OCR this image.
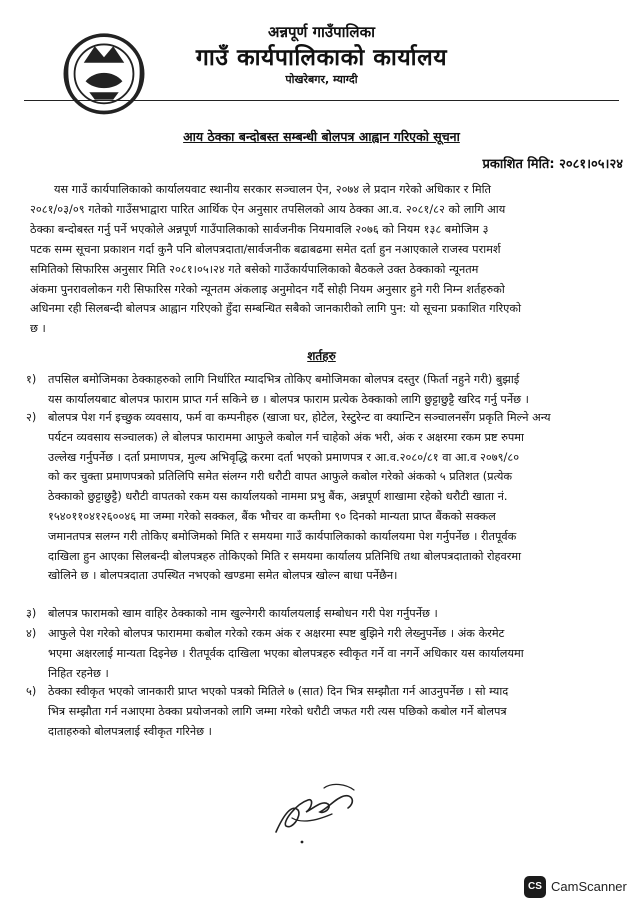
अन्नपूर्ण गाउँपालिका
गाउँ कार्यपालिकाको कार्यालय
पोखरेबगर, म्याग्दी
आय ठेक्का बन्दोबस्त सम्बन्धी बोलपत्र आह्वान गरिएको सूचना
प्रकाशित मिति: २०८१।०५।२४
यस गाउँ कार्यपालिकाको कार्यालयवाट स्थानीय सरकार सञ्चालन ऐन, २०७४ ले प्रदान गरेको अधिकार र मिति
२०८१/०३/०९ गतेको गाउँसभाद्वारा पारित आर्थिक ऐन अनुसार तपसिलको आय ठेक्का आ.व. २०८१/८२ को लागि आय
ठेक्का बन्दोबस्त गर्नु पर्ने भएकोले अन्नपूर्ण गाउँपालिकाको सार्वजनीक नियमावलि २०७६ को नियम १३८ बमोजिम ३
पटक सम्म सूचना प्रकाशन गर्दा कुनै पनि बोलपत्रदाता/सार्वजनीक बढाबढमा समेत दर्ता हुन नआएकाले राजस्व परामर्श
समितिको सिफारिस अनुसार मिति २०८१।०५।२४ गते बसेको गाउँकार्यपालिकाको बैठकले उक्त ठेक्काको न्यूनतम
अंकमा पुनरावलोकन गरी सिफारिस गरेको न्यूनतम अंकलाइ अनुमोदन गर्दै सोही नियम अनुसार हुने गरी निम्न शर्तहरुको
अधिनमा रही सिलबन्दी बोलपत्र आह्वान गरिएको हुँदा सम्बन्धित सबैको जानकारीको लागि पुन: यो सूचना प्रकाशित गरिएको
छ ।
शर्तहरु
१)	तपसिल बमोजिमका ठेक्काहरुको लागि निर्धारित म्यादभित्र तोकिए बमोजिमका बोलपत्र दस्तुर (फिर्ता नहुने गरी) बुझाई
यस कार्यालयबाट बोलपत्र फाराम प्राप्त गर्न सकिने छ । बोलपत्र फाराम प्रत्येक ठेक्काको लागि छुट्टाछुट्टै खरिद गर्नु पर्नेछ ।
२)	बोलपत्र पेश गर्न इच्छुक व्यवसाय, फर्म वा कम्पनीहरु (खाजा घर, होटेल, रेस्टुरेन्ट वा क्यान्टिन सञ्चालनसँग प्रकृति मिल्ने अन्य
पर्यटन व्यवसाय सञ्चालक) ले बोलपत्र फाराममा आफुले कबोल गर्न चाहेको अंक भरी, अंक र अक्षरमा रकम प्रष्ट रुपमा
उल्लेख गर्नुपर्नेछ । दर्ता प्रमाणपत्र, मुल्य अभिवृद्धि करमा दर्ता भएको प्रमाणपत्र र आ.व.२०८०/८१ वा आ.व २०७९/८०
को कर चुक्ता प्रमाणपत्रको प्रतिलिपि समेत संलग्न गरी धरौटी वापत आफुले कबोल गरेको अंकको ५ प्रतिशत (प्रत्येक
ठेक्काको छुट्टाछुट्टै) धरौटी वापतको रकम यस कार्यालयको नाममा प्रभु बैंक, अन्नपूर्ण शाखामा रहेको धरौटी खाता नं.
१५४०११०४१२६००४६ मा जम्मा गरेको सक्कल, बैंक भौचर वा कम्तीमा ९० दिनको मान्यता प्राप्त बैंकको सक्कल
जमानतपत्र सलग्न गरी तोकिए बमोजिमको मिति र समयमा गाउँ कार्यपालिकाको कार्यालयमा पेश गर्नुपर्नेछ । रीतपूर्वक
दाखिला हुन आएका सिलबन्दी बोलपत्रहरु तोकिएको मिति र समयमा कार्यालय प्रतिनिधि तथा बोलपत्रदाताको रोहवरमा
खोलिने छ । बोलपत्रदाता उपस्थित नभएको खण्डमा समेत बोलपत्र खोल्न बाधा पर्नेछैन।
३)	बोलपत्र फारामको खाम वाहिर ठेक्काको नाम खुल्नेगरी कार्यालयलाई सम्बोधन गरी पेश गर्नुपर्नेछ ।
४)	आफुले पेश गरेको बोलपत्र फाराममा कबोल गरेको रकम अंक र अक्षरमा स्पष्ट बुझिने गरी लेख्नुपर्नेछ । अंक केरमेट
भएमा अक्षरलाई मान्यता दिइनेछ । रीतपूर्वक दाखिला भएका बोलपत्रहरु स्वीकृत गर्ने वा नगर्ने अधिकार यस कार्यालयमा
निहित रहनेछ ।
५)	ठेक्का स्वीकृत भएको जानकारी प्राप्त भएको पत्रको मितिले ७ (सात) दिन भित्र सम्झौता गर्न आउनुपर्नेछ । सो म्याद
भित्र सम्झौता गर्न नआएमा ठेक्का प्रयोजनको लागि जम्मा गरेको धरौटी जफत गरी त्यस पछिको कबोल गर्ने बोलपत्र
दाताहरुको बोलपत्रलाई स्वीकृत गरिनेछ ।
CS CamScanner
